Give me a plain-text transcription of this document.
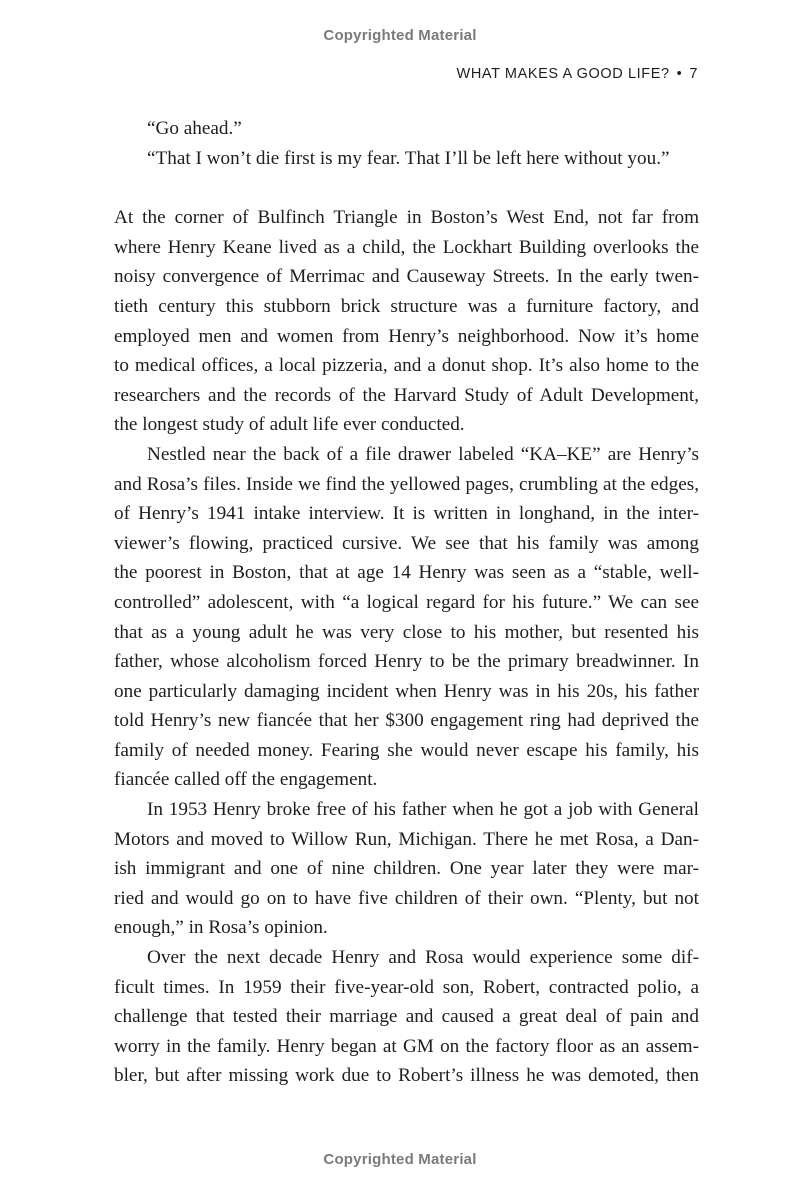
Copyrighted Material
WHAT MAKES A GOOD LIFE? • 7
“Go ahead.”
“That I won’t die first is my fear. That I’ll be left here without you.”
At the corner of Bulfinch Triangle in Boston’s West End, not far from
where Henry Keane lived as a child, the Lockhart Building overlooks the
noisy convergence of Merrimac and Causeway Streets. In the early twen-
tieth century this stubborn brick structure was a furniture factory, and
employed men and women from Henry’s neighborhood. Now it’s home
to medical offices, a local pizzeria, and a donut shop. It’s also home to the
researchers and the records of the Harvard Study of Adult Development,
the longest study of adult life ever conducted.
Nestled near the back of a file drawer labeled “KA–KE” are Henry’s
and Rosa’s files. Inside we find the yellowed pages, crumbling at the edges,
of Henry’s 1941 intake interview. It is written in longhand, in the inter-
viewer’s flowing, practiced cursive. We see that his family was among
the poorest in Boston, that at age 14 Henry was seen as a “stable, well-
controlled” adolescent, with “a logical regard for his future.” We can see
that as a young adult he was very close to his mother, but resented his
father, whose alcoholism forced Henry to be the primary breadwinner. In
one particularly damaging incident when Henry was in his 20s, his father
told Henry’s new fiancée that her $300 engagement ring had deprived the
family of needed money. Fearing she would never escape his family, his
fiancée called off the engagement.
In 1953 Henry broke free of his father when he got a job with General
Motors and moved to Willow Run, Michigan. There he met Rosa, a Dan-
ish immigrant and one of nine children. One year later they were mar-
ried and would go on to have five children of their own. “Plenty, but not
enough,” in Rosa’s opinion.
Over the next decade Henry and Rosa would experience some dif-
ficult times. In 1959 their five-year-old son, Robert, contracted polio, a
challenge that tested their marriage and caused a great deal of pain and
worry in the family. Henry began at GM on the factory floor as an assem-
bler, but after missing work due to Robert’s illness he was demoted, then
Copyrighted Material
